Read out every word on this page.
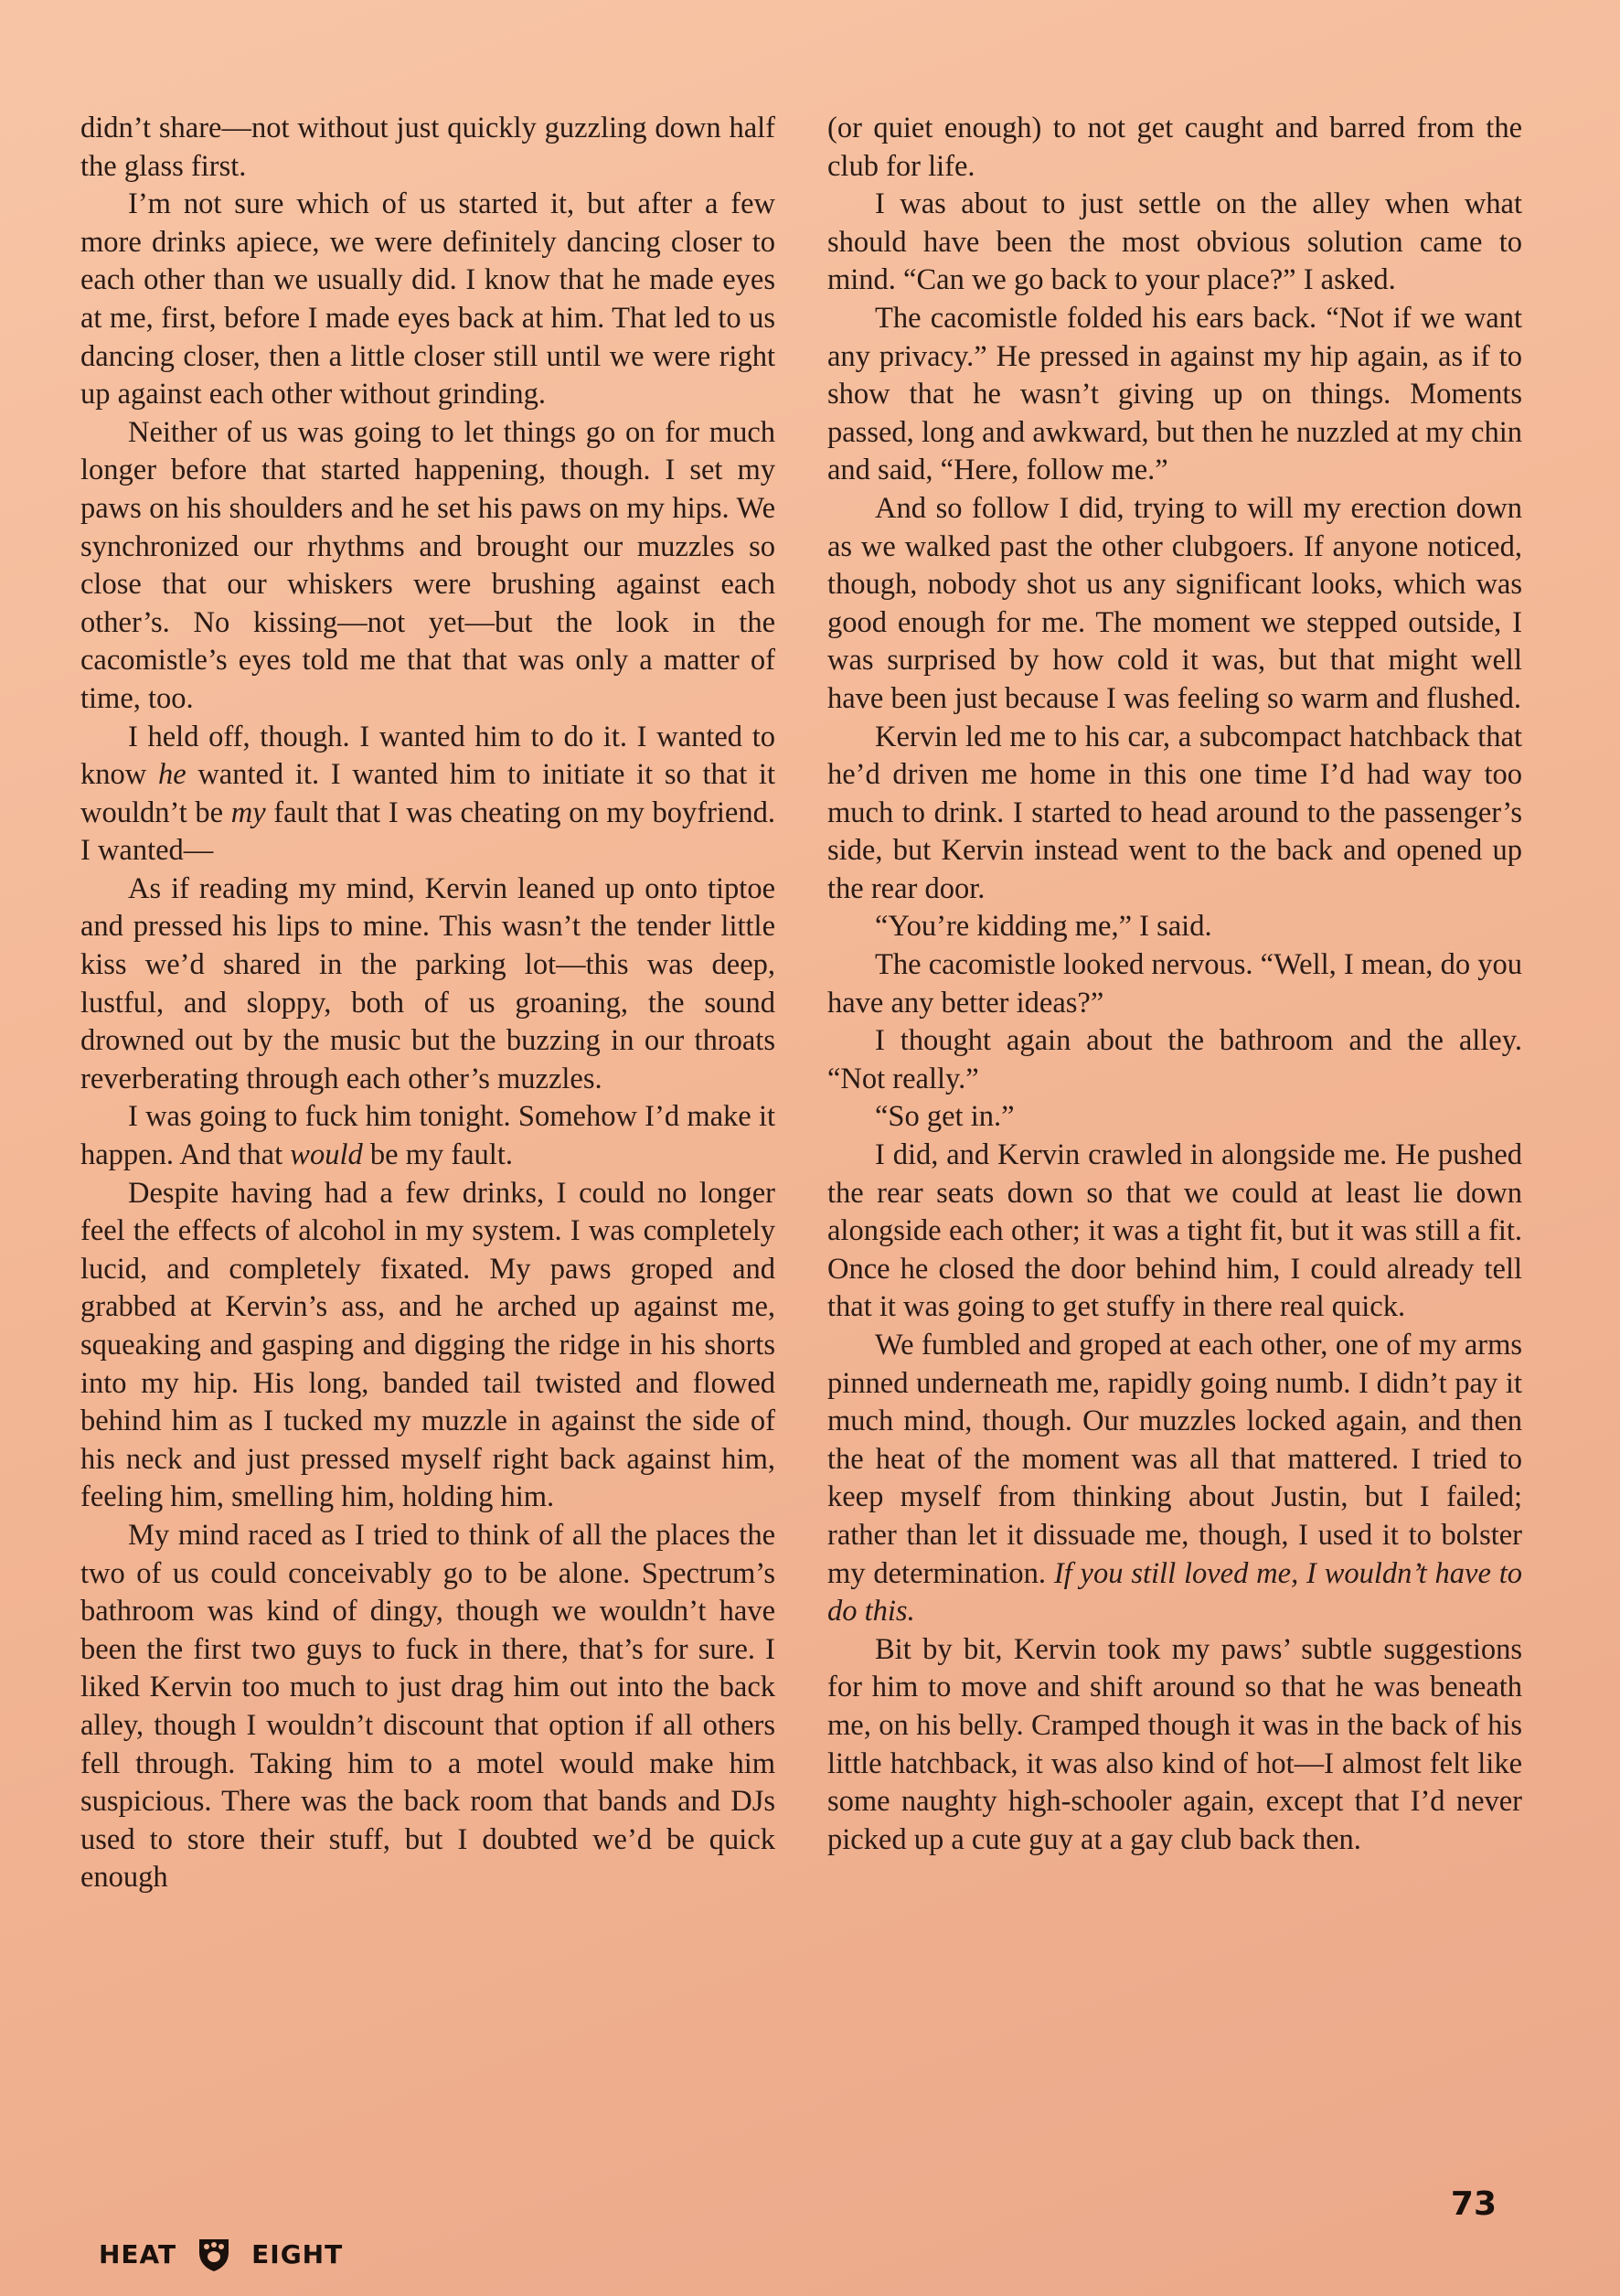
didn’t share—not without just quickly guzzling down half the glass first.

I’m not sure which of us started it, but after a few more drinks apiece, we were definitely dancing closer to each other than we usually did. I know that he made eyes at me, first, before I made eyes back at him. That led to us dancing closer, then a little closer still until we were right up against each other without grinding.

Neither of us was going to let things go on for much longer before that started happening, though. I set my paws on his shoulders and he set his paws on my hips. We synchronized our rhythms and brought our muzzles so close that our whiskers were brushing against each other’s. No kissing—not yet—but the look in the cacomistle’s eyes told me that that was only a matter of time, too.

I held off, though. I wanted him to do it. I wanted to know he wanted it. I wanted him to initiate it so that it wouldn’t be my fault that I was cheating on my boyfriend. I wanted—

As if reading my mind, Kervin leaned up onto tiptoe and pressed his lips to mine. This wasn’t the tender little kiss we’d shared in the parking lot—this was deep, lustful, and sloppy, both of us groaning, the sound drowned out by the music but the buzzing in our throats reverberating through each other’s muzzles.

I was going to fuck him tonight. Somehow I’d make it happen. And that would be my fault.

Despite having had a few drinks, I could no longer feel the effects of alcohol in my system. I was completely lucid, and completely fixated. My paws groped and grabbed at Kervin’s ass, and he arched up against me, squeaking and gasping and digging the ridge in his shorts into my hip. His long, banded tail twisted and flowed behind him as I tucked my muzzle in against the side of his neck and just pressed myself right back against him, feeling him, smelling him, holding him.

My mind raced as I tried to think of all the places the two of us could conceivably go to be alone. Spectrum’s bathroom was kind of dingy, though we wouldn’t have been the first two guys to fuck in there, that’s for sure. I liked Kervin too much to just drag him out into the back alley, though I wouldn’t discount that option if all others fell through. Taking him to a motel would make him suspicious. There was the back room that bands and DJs used to store their stuff, but I doubted we’d be quick enough

(or quiet enough) to not get caught and barred from the club for life.

I was about to just settle on the alley when what should have been the most obvious solution came to mind. “Can we go back to your place?” I asked.

The cacomistle folded his ears back. “Not if we want any privacy.” He pressed in against my hip again, as if to show that he wasn’t giving up on things. Moments passed, long and awkward, but then he nuzzled at my chin and said, “Here, follow me.”

And so follow I did, trying to will my erection down as we walked past the other clubgoers. If anyone noticed, though, nobody shot us any significant looks, which was good enough for me. The moment we stepped outside, I was surprised by how cold it was, but that might well have been just because I was feeling so warm and flushed.

Kervin led me to his car, a subcompact hatchback that he’d driven me home in this one time I’d had way too much to drink. I started to head around to the passenger’s side, but Kervin instead went to the back and opened up the rear door.

“You’re kidding me,” I said.

The cacomistle looked nervous. “Well, I mean, do you have any better ideas?”

I thought again about the bathroom and the alley. “Not really.”

“So get in.”

I did, and Kervin crawled in alongside me. He pushed the rear seats down so that we could at least lie down alongside each other; it was a tight fit, but it was still a fit. Once he closed the door behind him, I could already tell that it was going to get stuffy in there real quick.

We fumbled and groped at each other, one of my arms pinned underneath me, rapidly going numb. I didn’t pay it much mind, though. Our muzzles locked again, and then the heat of the moment was all that mattered. I tried to keep myself from thinking about Justin, but I failed; rather than let it dissuade me, though, I used it to bolster my determination. If you still loved me, I wouldn’t have to do this.

Bit by bit, Kervin took my paws’ subtle suggestions for him to move and shift around so that he was beneath me, on his belly. Cramped though it was in the back of his little hatchback, it was also kind of hot—I almost felt like some naughty high-schooler again, except that I’d never picked up a cute guy at a gay club back then.

HEAT	EIGHT
73
